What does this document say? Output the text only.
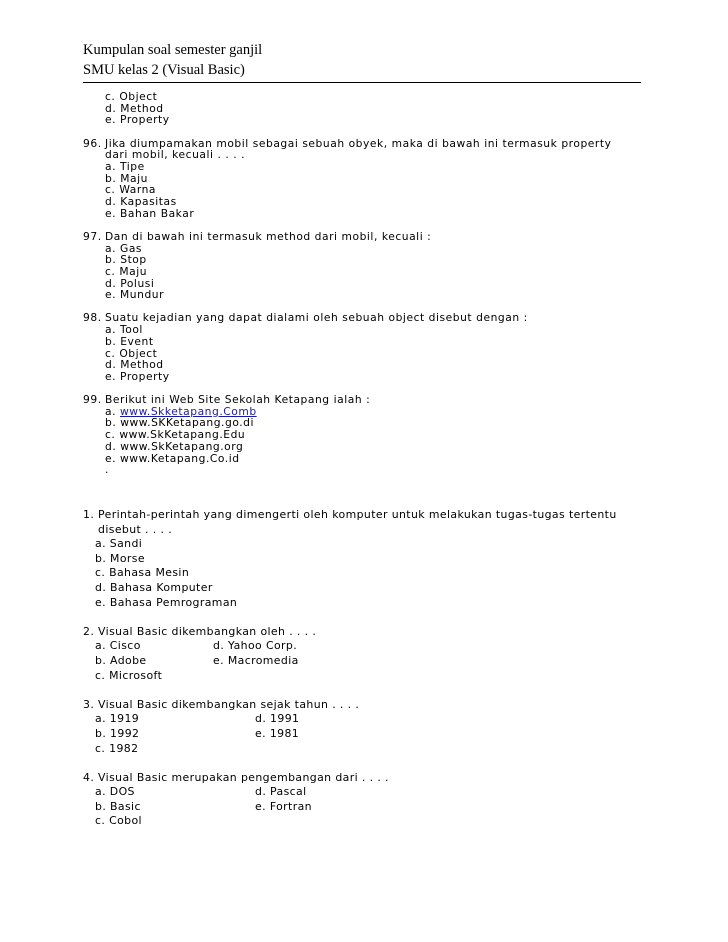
Kumpulan soal semester ganjil
SMU kelas 2 (Visual Basic)
c. Object
d. Method
e. Property
96. Jika diumpamakan mobil sebagai sebuah obyek, maka di bawah ini termasuk property
dari mobil, kecuali . . . .
a. Tipe
b. Maju
c. Warna
d. Kapasitas
e. Bahan Bakar
97. Dan di bawah ini termasuk method dari mobil, kecuali :
a. Gas
b. Stop
c. Maju
d. Polusi
e. Mundur
98. Suatu kejadian yang dapat dialami oleh sebuah object disebut dengan :
a. Tool
b. Event
c. Object
d. Method
e. Property
99. Berikut ini Web Site Sekolah Ketapang ialah :
a. www.Skketapang.Comb
b. www.SKKetapang.go.di
c. www.SkKetapang.Edu
d. www.SkKetapang.org
e. www.Ketapang.Co.id
.
1. Perintah-perintah yang dimengerti oleh komputer untuk melakukan tugas-tugas tertentu
disebut . . . .
a. Sandi
b. Morse
c. Bahasa Mesin
d. Bahasa Komputer
e. Bahasa Pemrograman
2. Visual Basic dikembangkan oleh . . . .
a. Cisco	d. Yahoo Corp.
b. Adobe	e. Macromedia
c. Microsoft
3. Visual Basic dikembangkan sejak tahun . . . .
a. 1919	d. 1991
b. 1992	e. 1981
c. 1982
4. Visual Basic merupakan pengembangan dari . . . .
a. DOS	d. Pascal
b. Basic	e. Fortran
c. Cobol
